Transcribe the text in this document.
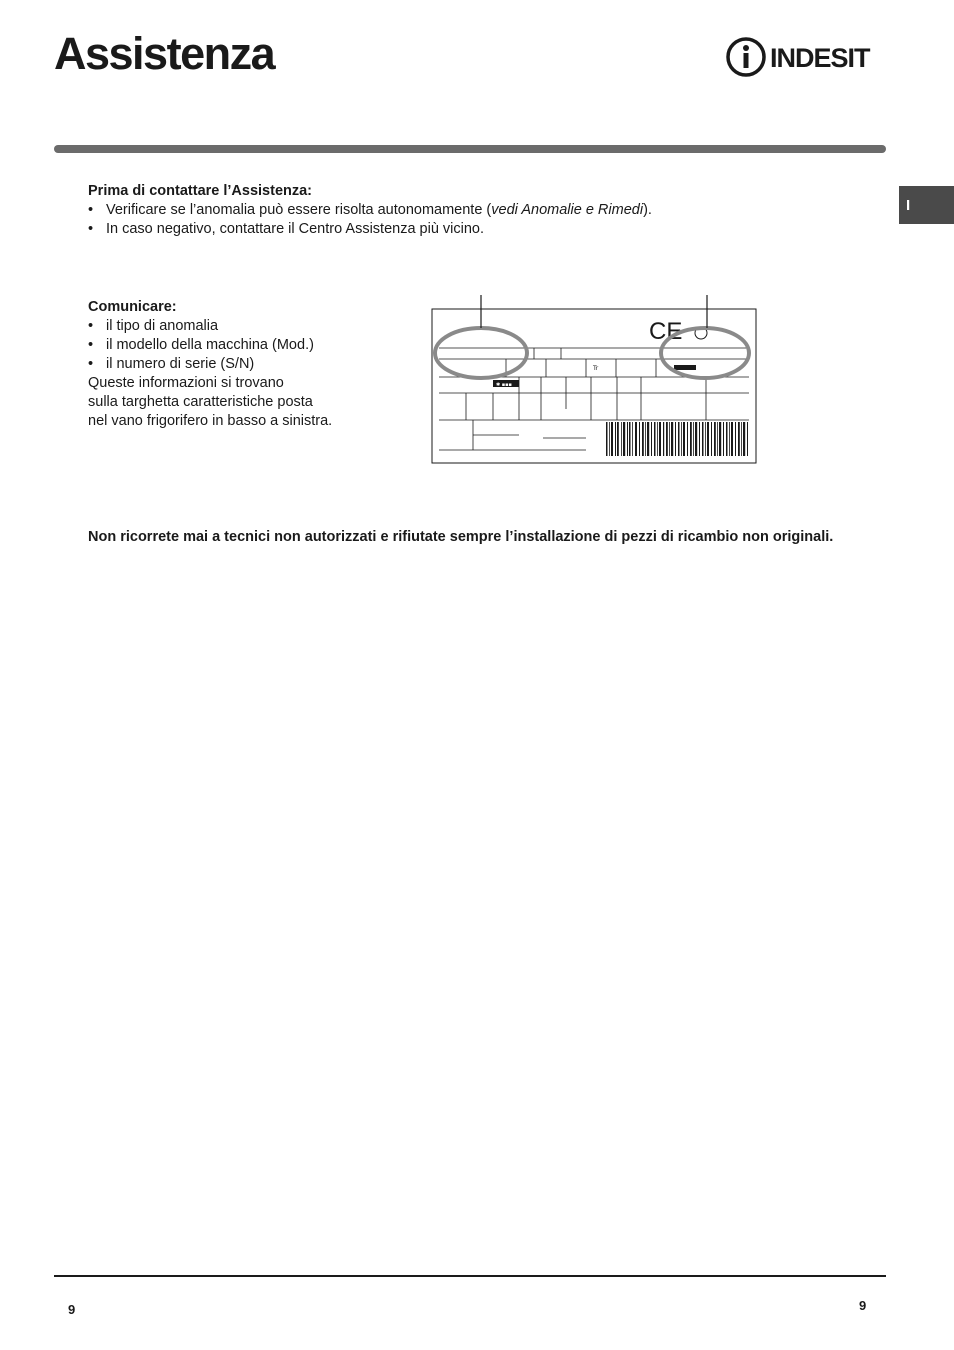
Assistenza	INDESIT
I
Prima di contattare l’Assistenza:
• Verificare se l’anomalia può essere risolta autonomamente (vedi Anomalie e Rimedi).
• In caso negativo, contattare il Centro Assistenza più vicino.
Comunicare:
• il tipo di anomalia
• il modello della macchina (Mod.)
• il numero di serie (S/N)
Queste informazioni si trovano
sulla targhetta caratteristiche posta
nel vano frigorifero in basso a sinistra.
✱ ▪▪▪
Tr
CE
Non ricorrete mai a tecnici non autorizzati e rifiutate sempre l’installazione di pezzi di ricambio non originali.
9	9
